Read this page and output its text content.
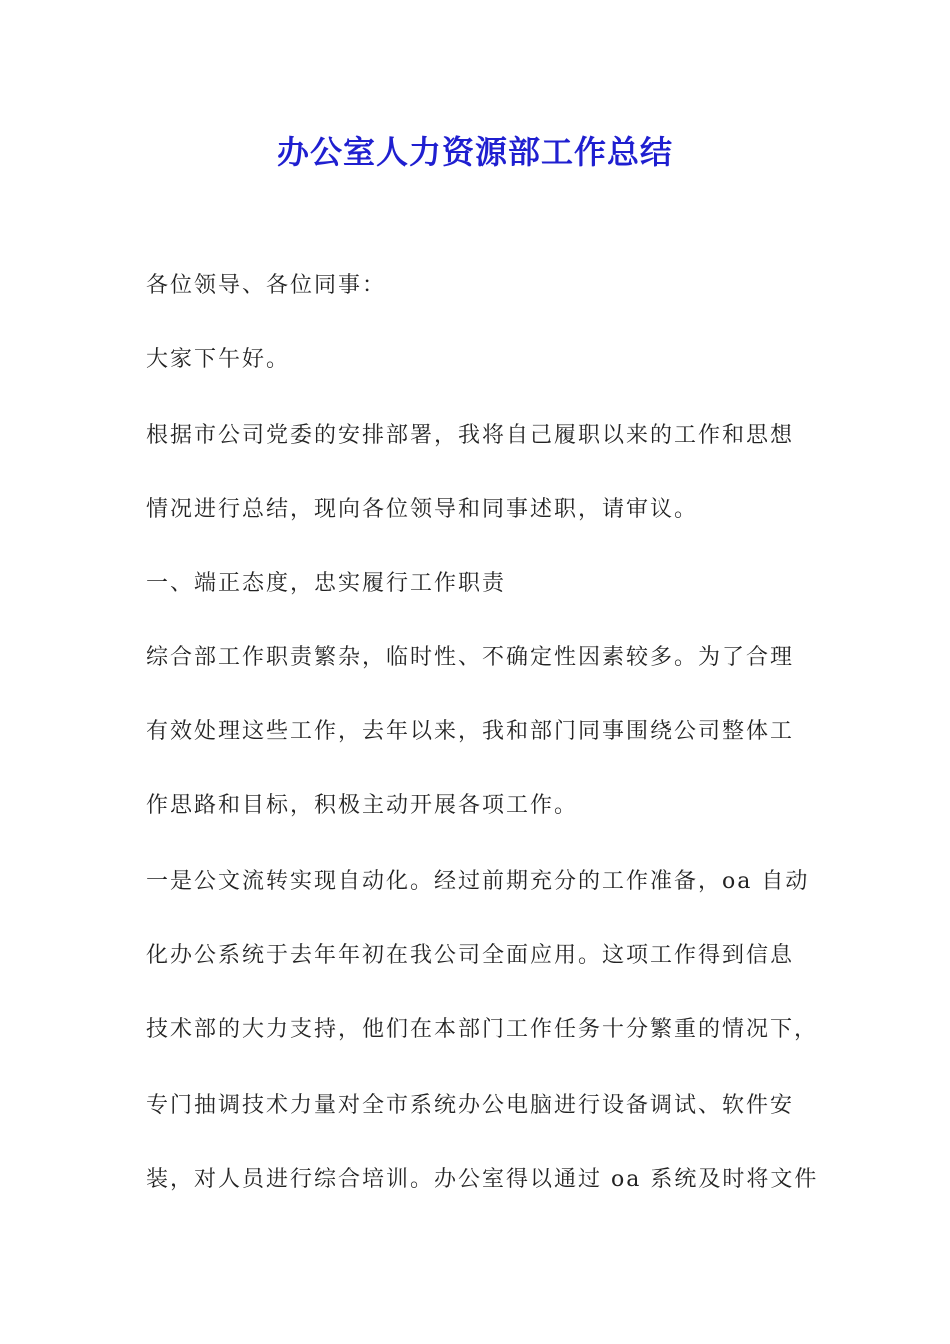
办公室人力资源部工作总结

各位领导、各位同事：

大家下午好。

根据市公司党委的安排部署，我将自己履职以来的工作和思想

情况进行总结，现向各位领导和同事述职，请审议。

一、端正态度，忠实履行工作职责

综合部工作职责繁杂，临时性、不确定性因素较多。为了合理

有效处理这些工作，去年以来，我和部门同事围绕公司整体工

作思路和目标，积极主动开展各项工作。

一是公文流转实现自动化。经过前期充分的工作准备，oa 自动

化办公系统于去年年初在我公司全面应用。这项工作得到信息

技术部的大力支持，他们在本部门工作任务十分繁重的情况下，

专门抽调技术力量对全市系统办公电脑进行设备调试、软件安

装，对人员进行综合培训。办公室得以通过 oa 系统及时将文件
